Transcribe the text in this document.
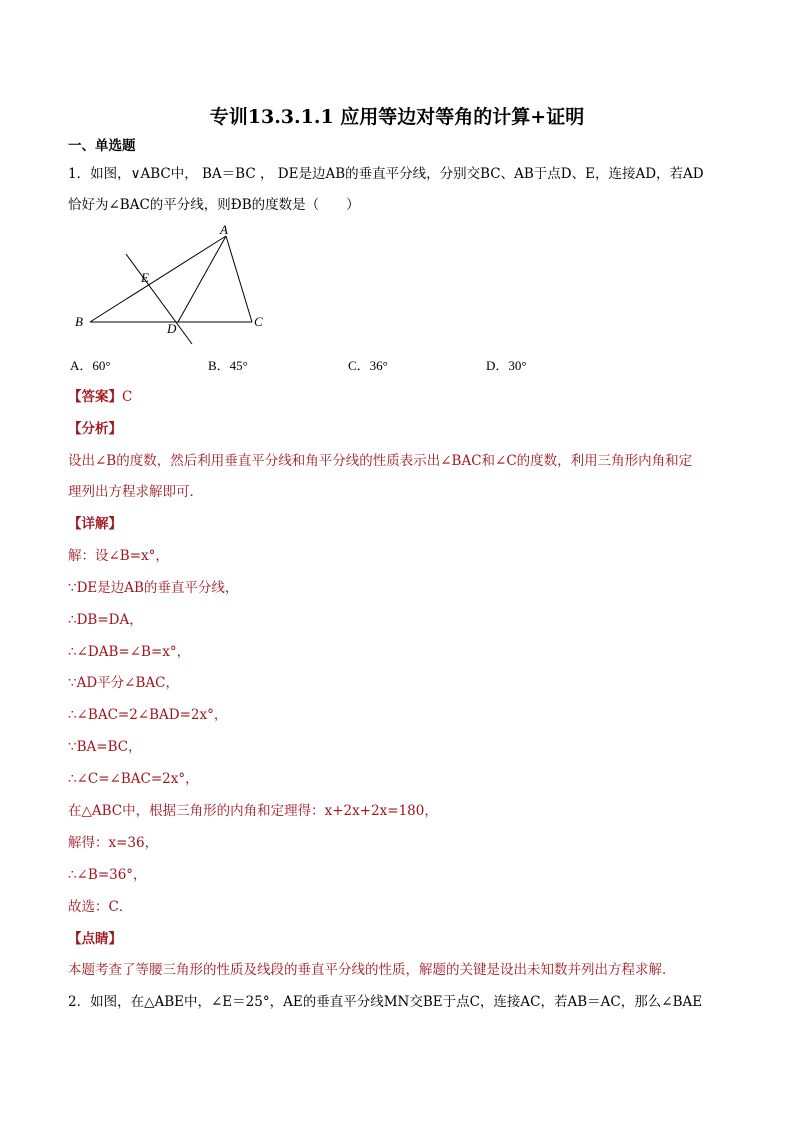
专训13.3.1.1 应用等边对等角的计算+证明
一、单选题
1．如图，∨ABC中， BA＝BC ， DE是边AB的垂直平分线，分别交BC、AB于点D、E，连接AD，若AD
恰好为∠BAC的平分线，则ÐB的度数是（　　）
A
B	C
D
E
A．60°	B．45°	C．36°	D．30°
【答案】C
【分析】
设出∠B的度数，然后利用垂直平分线和角平分线的性质表示出∠BAC和∠C的度数，利用三角形内角和定
理列出方程求解即可．
【详解】
解：设∠B=x°，
∵DE是边AB的垂直平分线，
∴DB=DA，
∴∠DAB=∠B=x°，
∵AD平分∠BAC，
∴∠BAC=2∠BAD=2x°，
∵BA=BC，
∴∠C=∠BAC=2x°，
在△ABC中，根据三角形的内角和定理得：x+2x+2x=180，
解得：x=36，
∴∠B=36°，
故选：C．
【点睛】
本题考查了等腰三角形的性质及线段的垂直平分线的性质，解题的关键是设出未知数并列出方程求解．
2．如图，在△ABE中，∠E＝25°，AE的垂直平分线MN交BE于点C，连接AC，若AB＝AC，那么∠BAE
